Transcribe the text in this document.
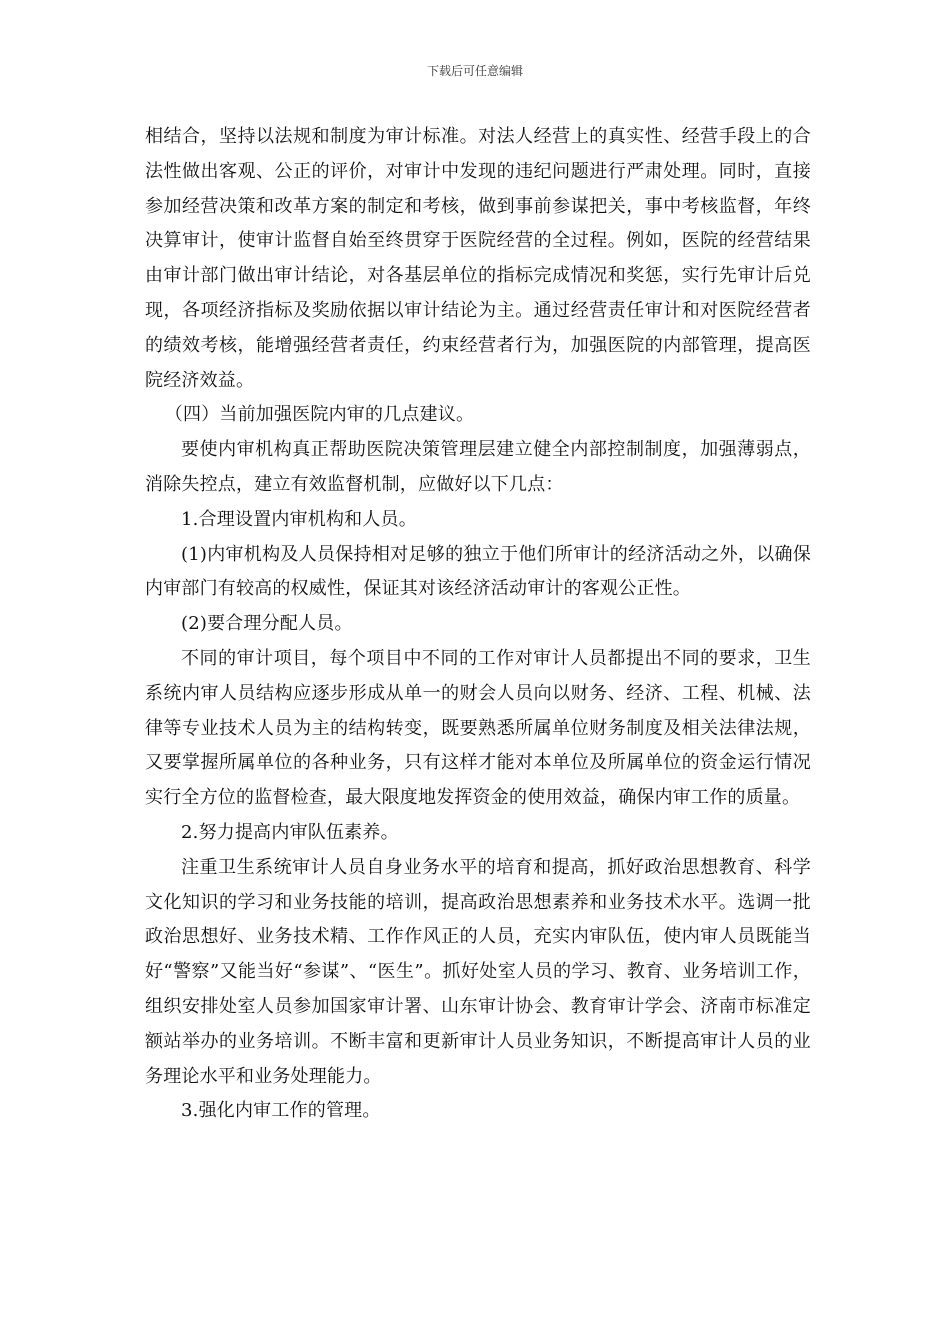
下载后可任意编辑

相结合，坚持以法规和制度为审计标准。对法人经营上的真实性、经营手段上的合法性做出客观、公正的评价，对审计中发现的违纪问题进行严肃处理。同时，直接参加经营决策和改革方案的制定和考核，做到事前参谋把关，事中考核监督，年终决算审计，使审计监督自始至终贯穿于医院经营的全过程。例如，医院的经营结果由审计部门做出审计结论，对各基层单位的指标完成情况和奖惩，实行先审计后兑现，各项经济指标及奖励依据以审计结论为主。通过经营责任审计和对医院经营者的绩效考核，能增强经营者责任，约束经营者行为，加强医院的内部管理，提高医院经济效益。

（四）当前加强医院内审的几点建议。

要使内审机构真正帮助医院决策管理层建立健全内部控制制度，加强薄弱点，消除失控点，建立有效监督机制，应做好以下几点：

1.合理设置内审机构和人员。

(1)内审机构及人员保持相对足够的独立于他们所审计的经济活动之外，以确保内审部门有较高的权威性，保证其对该经济活动审计的客观公正性。

(2)要合理分配人员。

不同的审计项目，每个项目中不同的工作对审计人员都提出不同的要求，卫生系统内审人员结构应逐步形成从单一的财会人员向以财务、经济、工程、机械、法律等专业技术人员为主的结构转变，既要熟悉所属单位财务制度及相关法律法规，又要掌握所属单位的各种业务，只有这样才能对本单位及所属单位的资金运行情况实行全方位的监督检查，最大限度地发挥资金的使用效益，确保内审工作的质量。

2.努力提高内审队伍素养。

注重卫生系统审计人员自身业务水平的培育和提高，抓好政治思想教育、科学文化知识的学习和业务技能的培训，提高政治思想素养和业务技术水平。选调一批政治思想好、业务技术精、工作作风正的人员，充实内审队伍，使内审人员既能当好“警察”又能当好“参谋”、“医生”。抓好处室人员的学习、教育、业务培训工作，组织安排处室人员参加国家审计署、山东审计协会、教育审计学会、济南市标准定额站举办的业务培训。不断丰富和更新审计人员业务知识，不断提高审计人员的业务理论水平和业务处理能力。

3.强化内审工作的管理。
